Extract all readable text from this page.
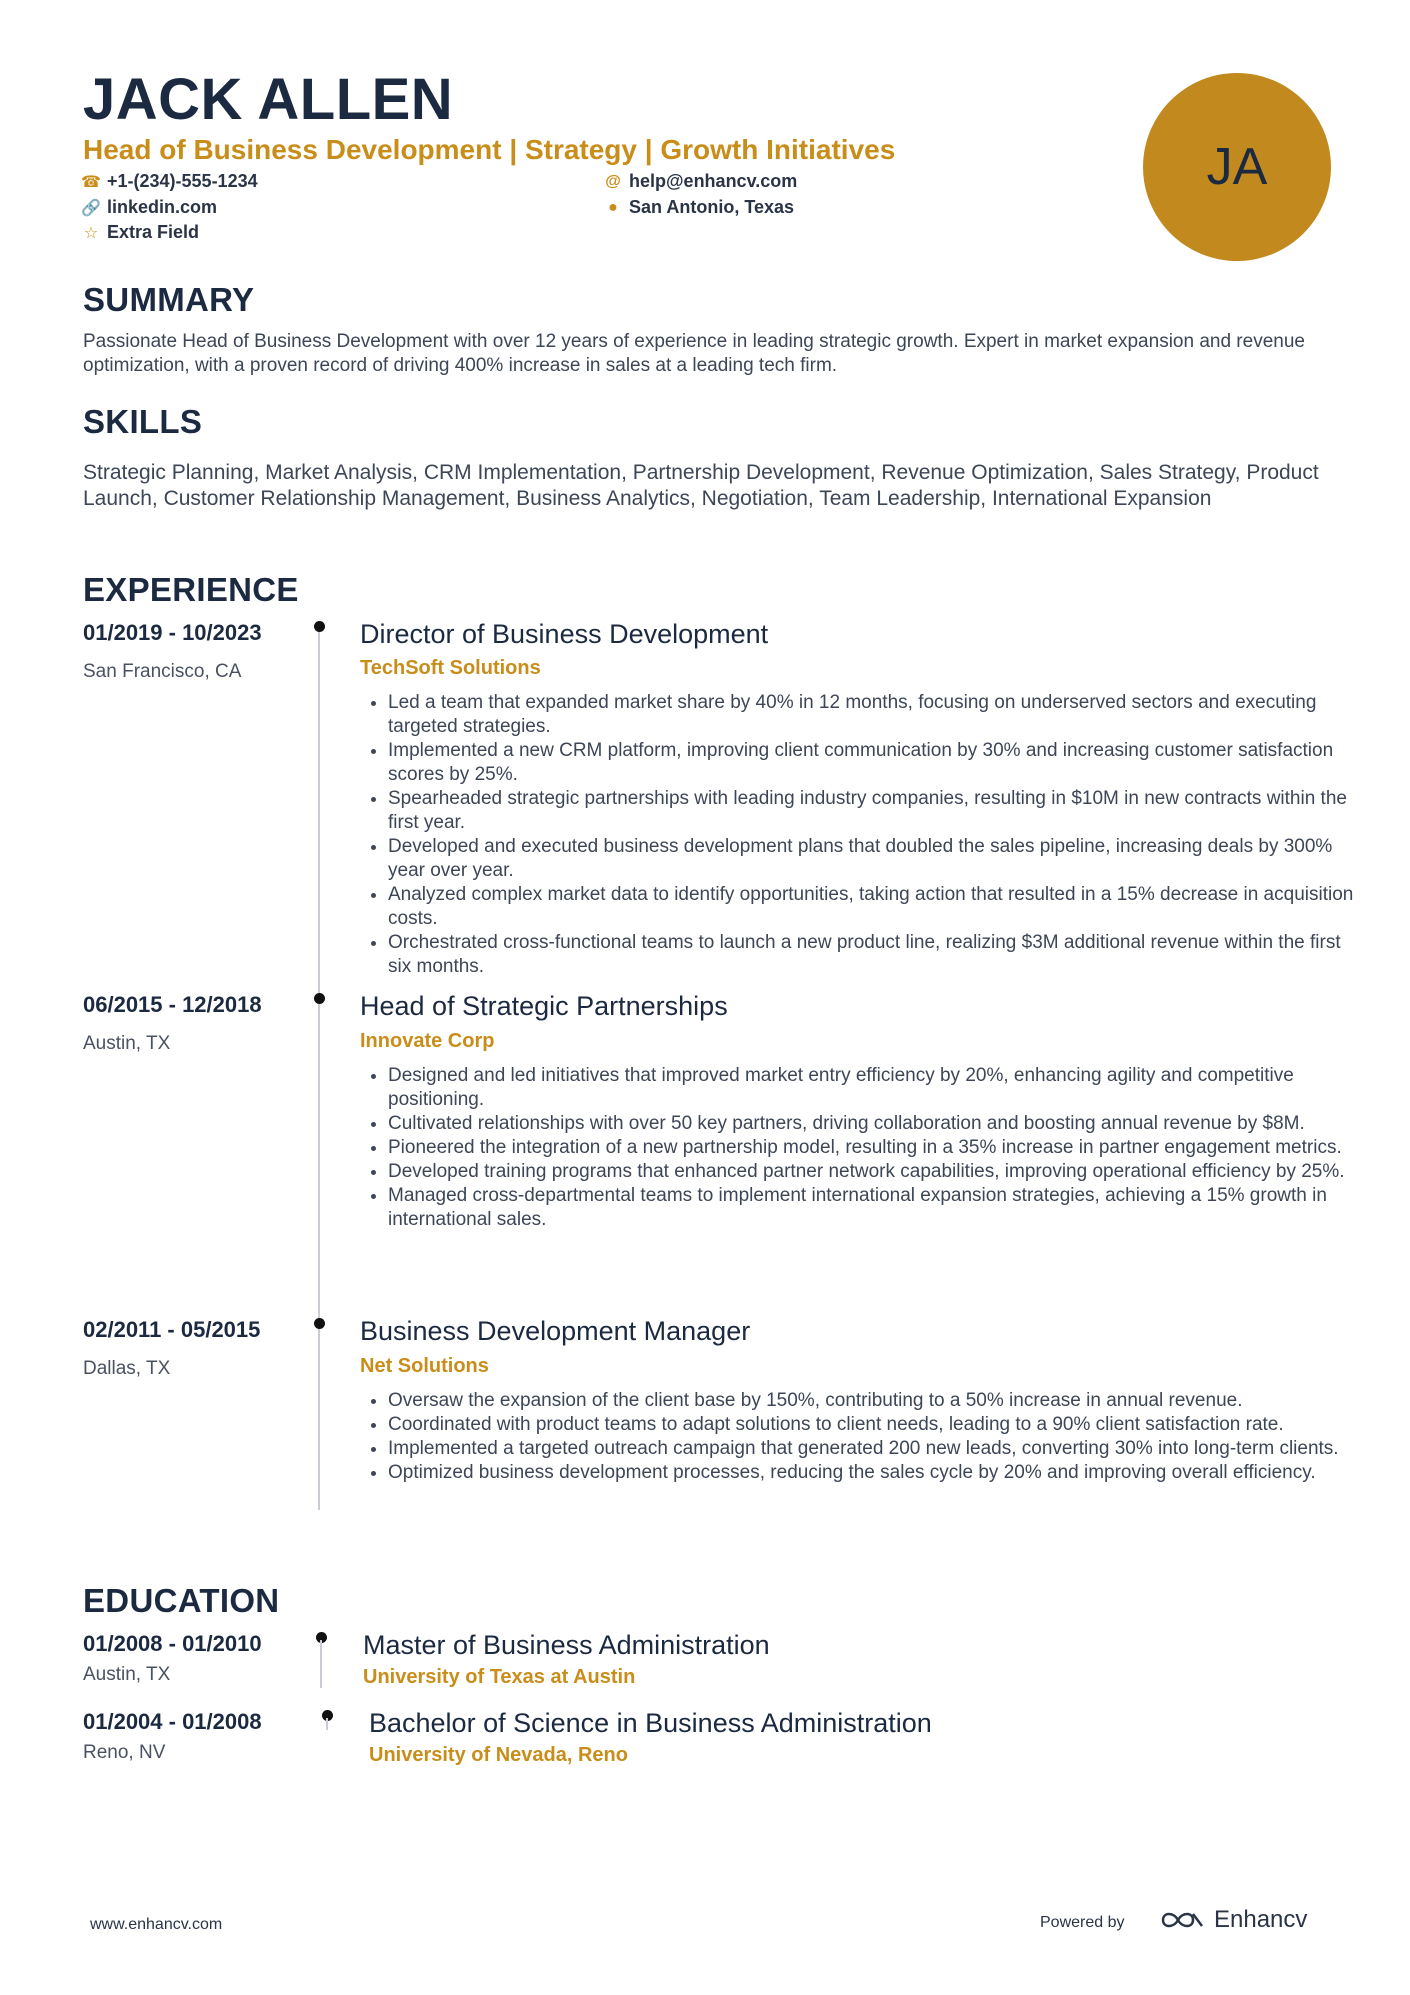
JACK ALLEN
Head of Business Development | Strategy | Growth Initiatives
☎ +1-(234)-555-1234	@ help@enhancv.com
🔗 linkedin.com	● San Antonio, Texas
☆ Extra Field
JA
SUMMARY
Passionate Head of Business Development with over 12 years of experience in leading strategic growth. Expert in market expansion and revenue optimization, with a proven record of driving 400% increase in sales at a leading tech firm.
SKILLS
Strategic Planning, Market Analysis, CRM Implementation, Partnership Development, Revenue Optimization, Sales Strategy, Product Launch, Customer Relationship Management, Business Analytics, Negotiation, Team Leadership, International Expansion
EXPERIENCE
01/2019 - 10/2023
San Francisco, CA
Director of Business Development
TechSoft Solutions
• Led a team that expanded market share by 40% in 12 months, focusing on underserved sectors and executing targeted strategies.
• Implemented a new CRM platform, improving client communication by 30% and increasing customer satisfaction scores by 25%.
• Spearheaded strategic partnerships with leading industry companies, resulting in $10M in new contracts within the first year.
• Developed and executed business development plans that doubled the sales pipeline, increasing deals by 300% year over year.
• Analyzed complex market data to identify opportunities, taking action that resulted in a 15% decrease in acquisition costs.
• Orchestrated cross-functional teams to launch a new product line, realizing $3M additional revenue within the first six months.
06/2015 - 12/2018
Austin, TX
Head of Strategic Partnerships
Innovate Corp
• Designed and led initiatives that improved market entry efficiency by 20%, enhancing agility and competitive positioning.
• Cultivated relationships with over 50 key partners, driving collaboration and boosting annual revenue by $8M.
• Pioneered the integration of a new partnership model, resulting in a 35% increase in partner engagement metrics.
• Developed training programs that enhanced partner network capabilities, improving operational efficiency by 25%.
• Managed cross-departmental teams to implement international expansion strategies, achieving a 15% growth in international sales.
02/2011 - 05/2015
Dallas, TX
Business Development Manager
Net Solutions
• Oversaw the expansion of the client base by 150%, contributing to a 50% increase in annual revenue.
• Coordinated with product teams to adapt solutions to client needs, leading to a 90% client satisfaction rate.
• Implemented a targeted outreach campaign that generated 200 new leads, converting 30% into long-term clients.
• Optimized business development processes, reducing the sales cycle by 20% and improving overall efficiency.
EDUCATION
01/2008 - 01/2010
Austin, TX
Master of Business Administration
University of Texas at Austin
01/2004 - 01/2008
Reno, NV
Bachelor of Science in Business Administration
University of Nevada, Reno
www.enhancv.com	Powered by	Enhancv
